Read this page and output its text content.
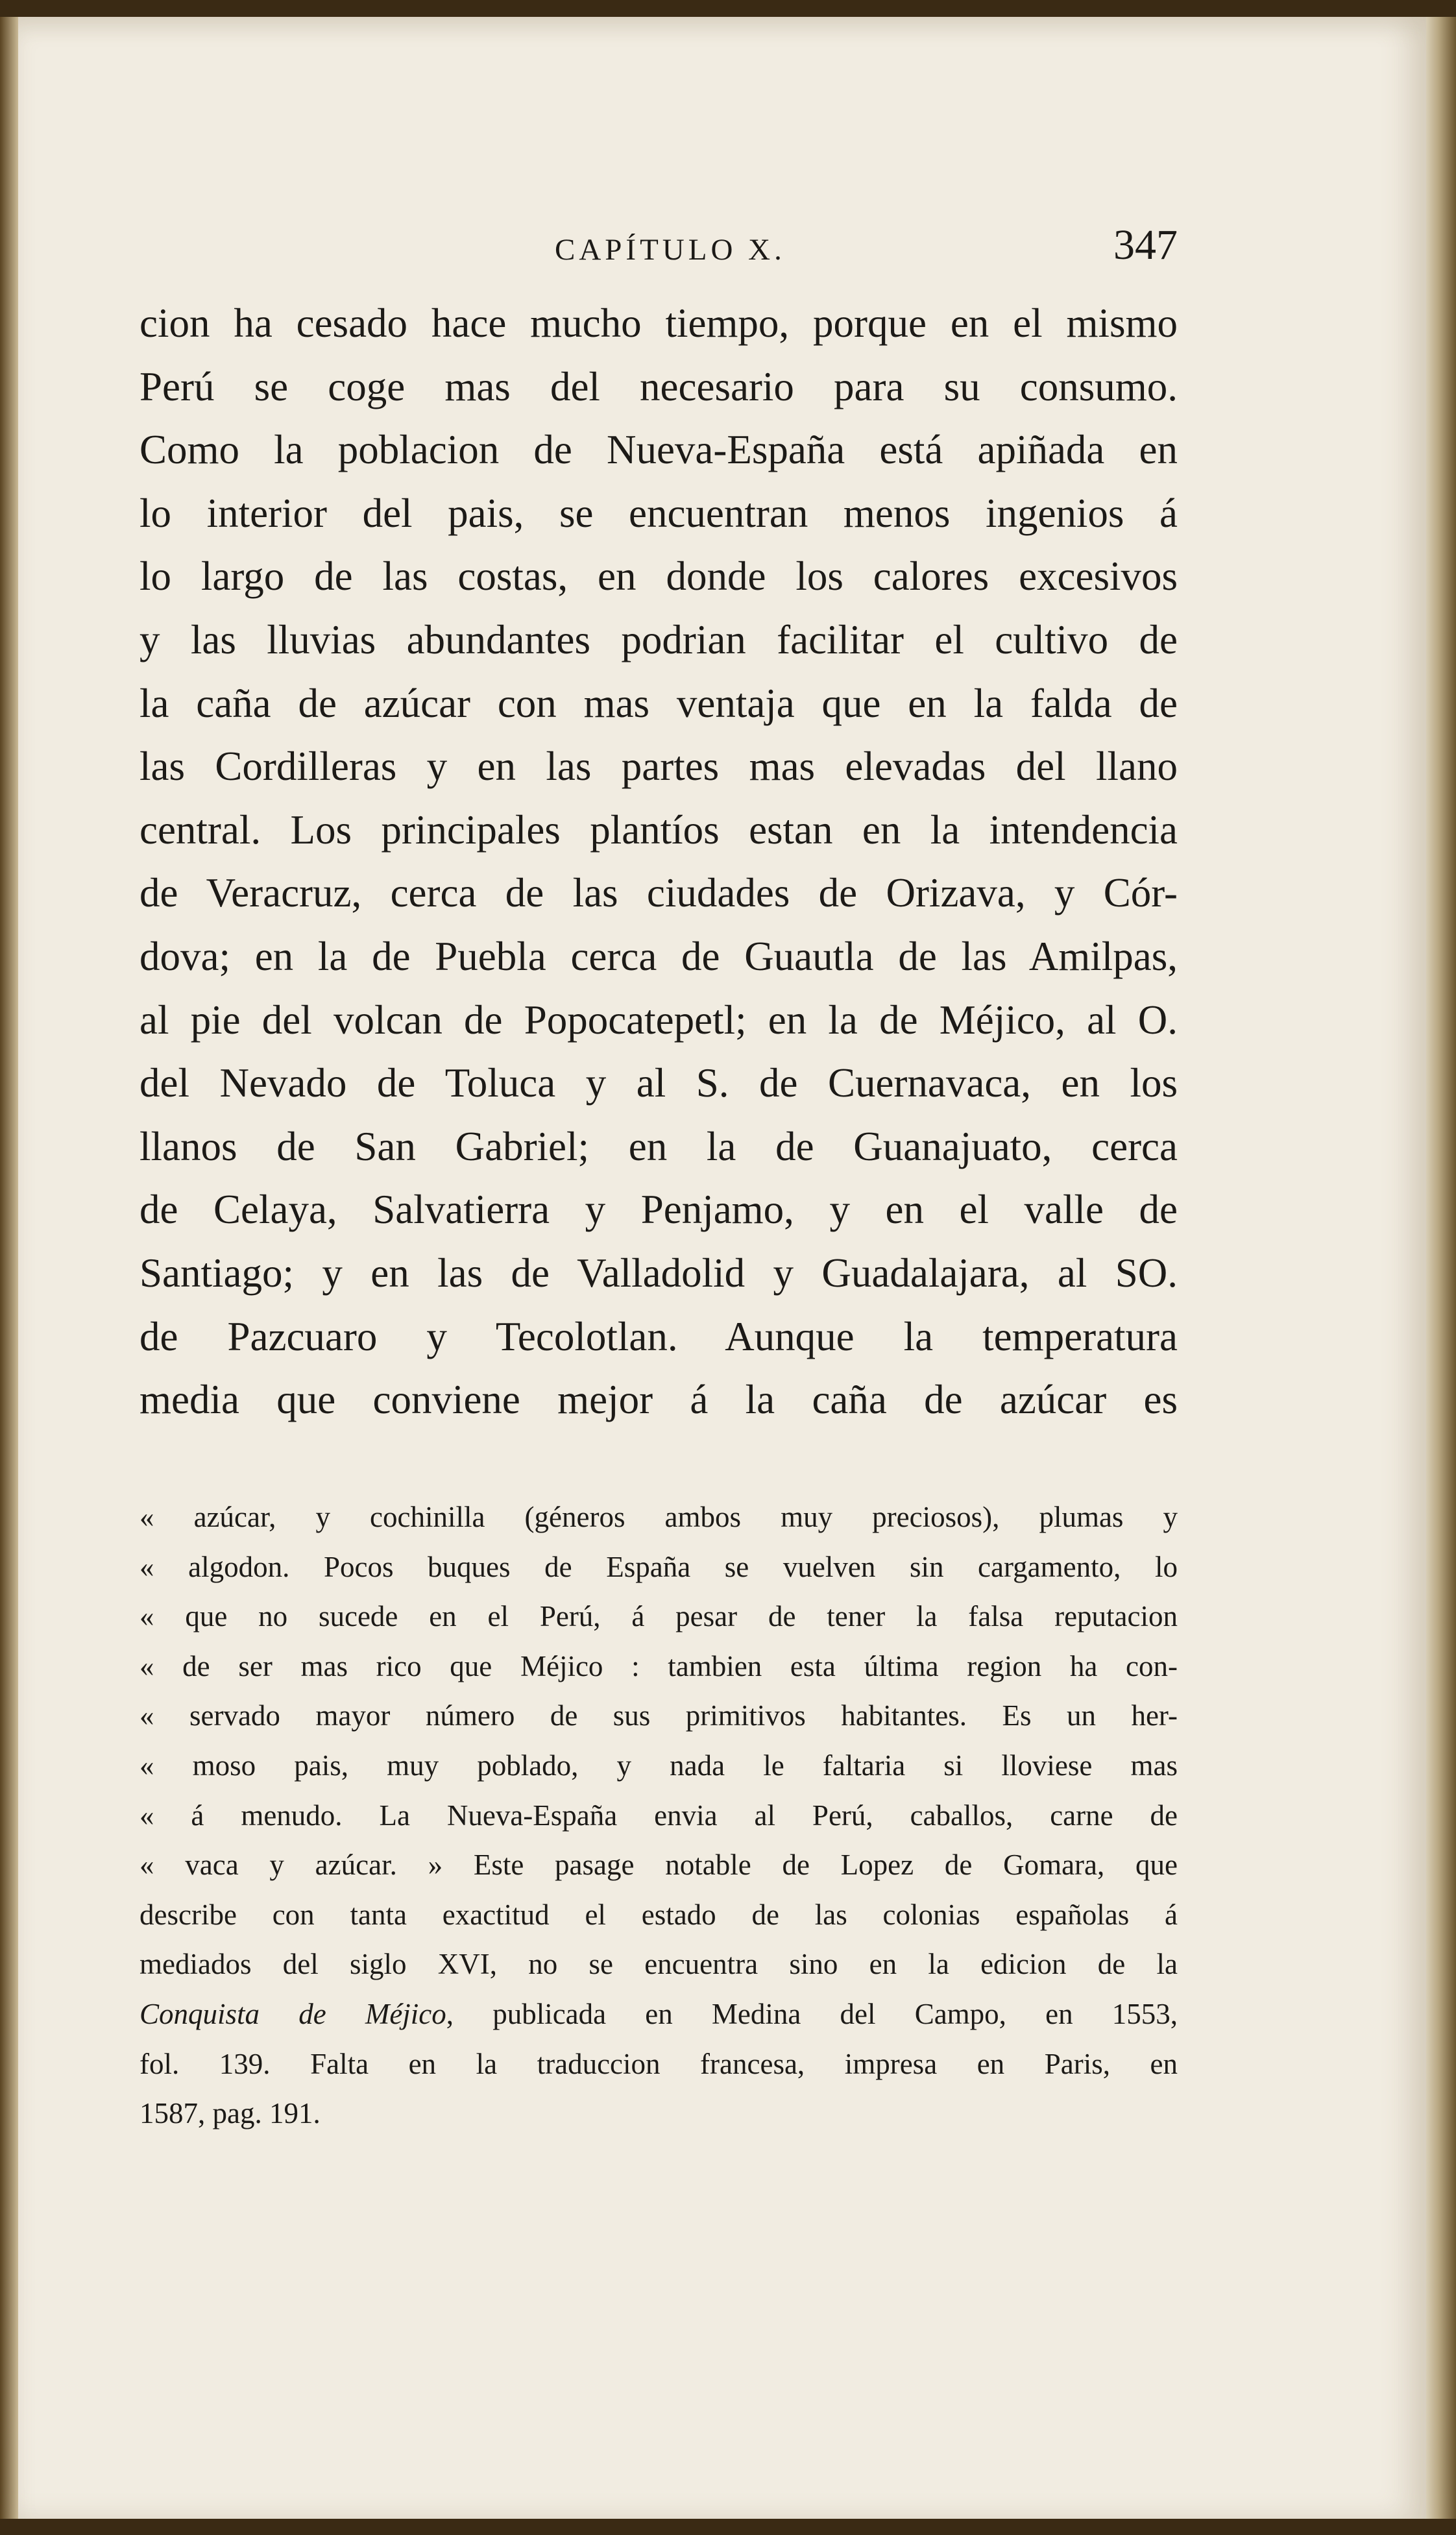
CAPÍTULO X.	347
cion ha cesado hace mucho tiempo, porque en el mismo
Perú se coge mas del necesario para su consumo.
Como la poblacion de Nueva-España está apiñada en
lo interior del pais, se encuentran menos ingenios á
lo largo de las costas, en donde los calores excesivos
y las lluvias abundantes podrian facilitar el cultivo de
la caña de azúcar con mas ventaja que en la falda de
las Cordilleras y en las partes mas elevadas del llano
central. Los principales plantíos estan en la intendencia
de Veracruz, cerca de las ciudades de Orizava, y Cór-
dova; en la de Puebla cerca de Guautla de las Amilpas,
al pie del volcan de Popocatepetl; en la de Méjico, al O.
del Nevado de Toluca y al S. de Cuernavaca, en los
llanos de San Gabriel; en la de Guanajuato, cerca
de Celaya, Salvatierra y Penjamo, y en el valle de
Santiago; y en las de Valladolid y Guadalajara, al SO.
de Pazcuaro y Tecolotlan. Aunque la temperatura
media que conviene mejor á la caña de azúcar es
« azúcar, y cochinilla (géneros ambos muy preciosos), plumas y
« algodon. Pocos buques de España se vuelven sin cargamento, lo
« que no sucede en el Perú, á pesar de tener la falsa reputacion
« de ser mas rico que Méjico : tambien esta última region ha con-
« servado mayor número de sus primitivos habitantes. Es un her-
« moso pais, muy poblado, y nada le faltaria si lloviese mas
« á menudo. La Nueva-España envia al Perú, caballos, carne de
« vaca y azúcar. » Este pasage notable de Lopez de Gomara, que
describe con tanta exactitud el estado de las colonias españolas á
mediados del siglo XVI, no se encuentra sino en la edicion de la
Conquista de Méjico, publicada en Medina del Campo, en 1553,
fol. 139. Falta en la traduccion francesa, impresa en Paris, en
1587, pag. 191.
